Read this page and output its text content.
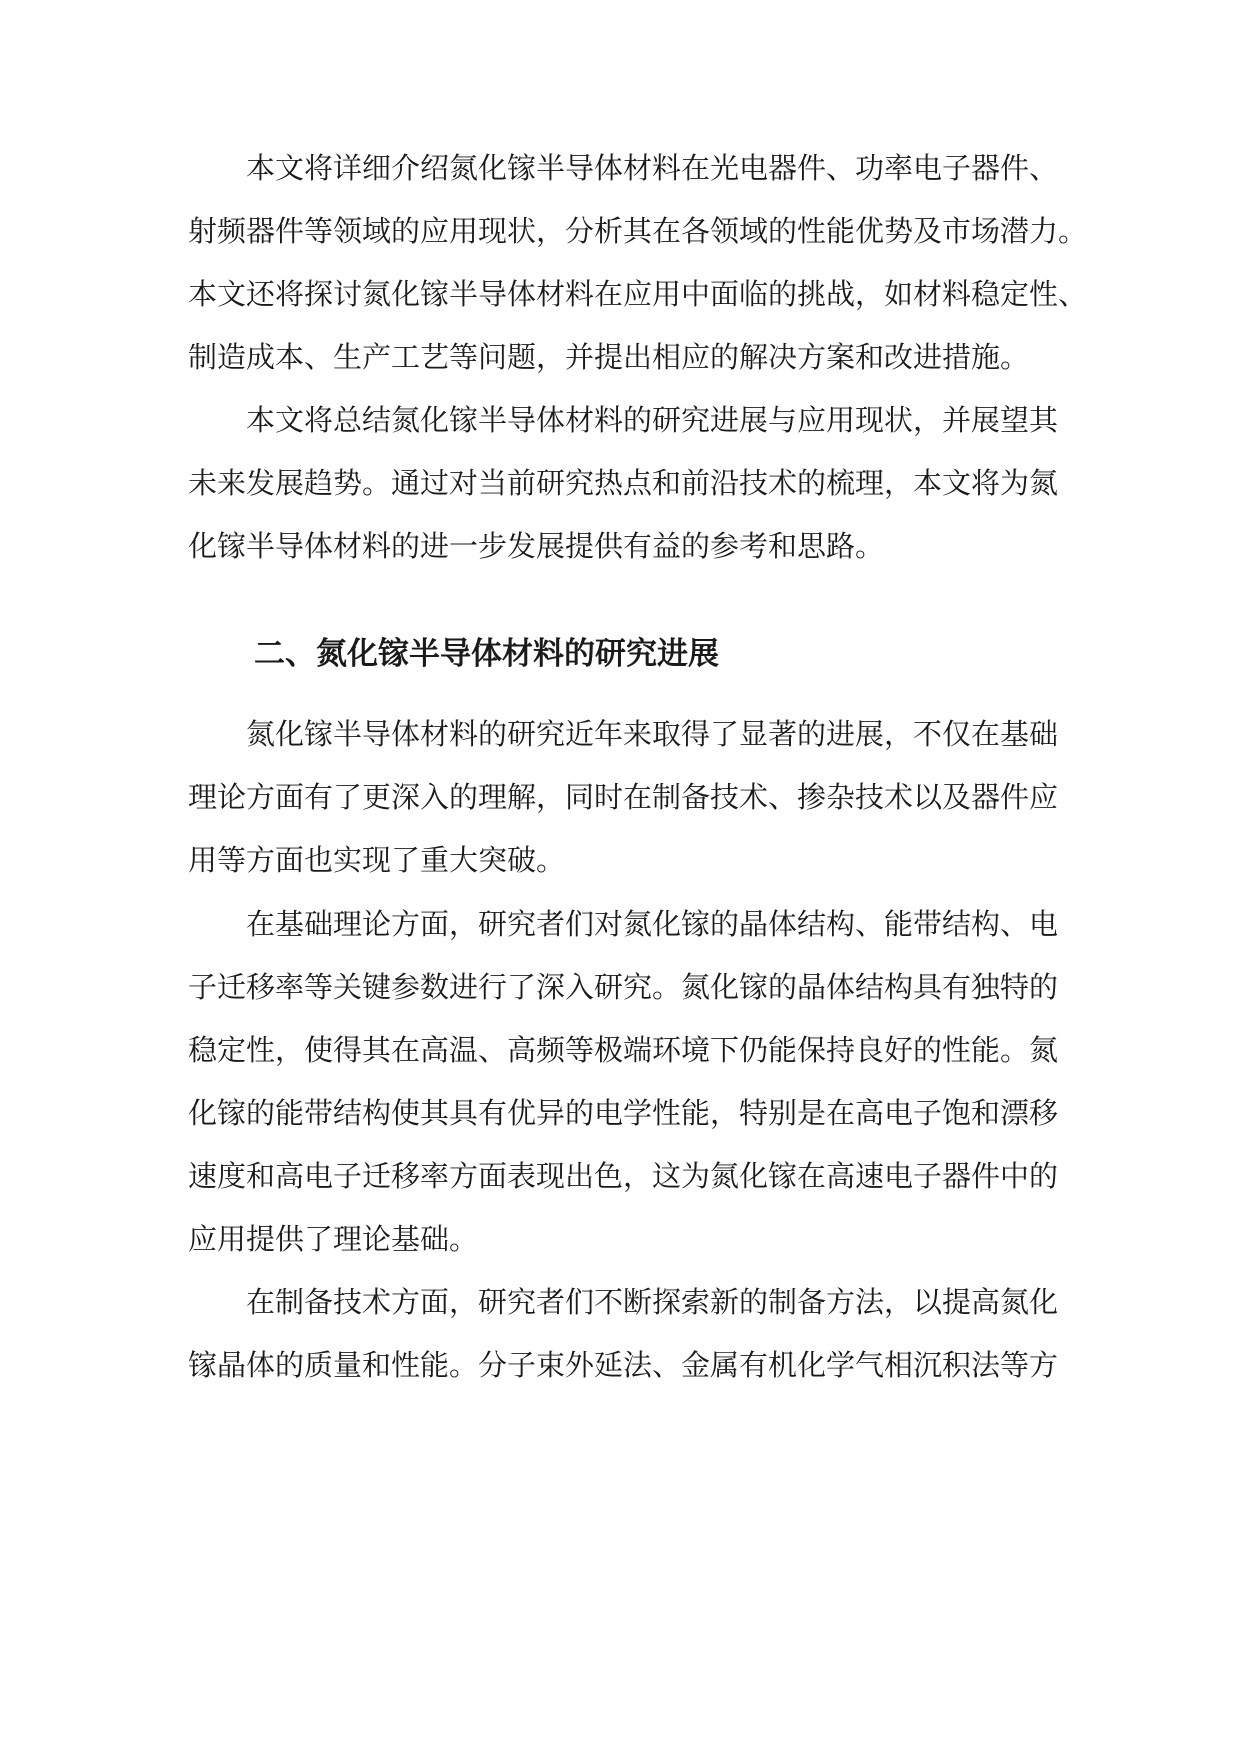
本文将详细介绍氮化镓半导体材料在光电器件、功率电子器件、
射频器件等领域的应用现状，分析其在各领域的性能优势及市场潜力。
本文还将探讨氮化镓半导体材料在应用中面临的挑战，如材料稳定性、
制造成本、生产工艺等问题，并提出相应的解决方案和改进措施。
本文将总结氮化镓半导体材料的研究进展与应用现状，并展望其
未来发展趋势。通过对当前研究热点和前沿技术的梳理，本文将为氮
化镓半导体材料的进一步发展提供有益的参考和思路。
二、氮化镓半导体材料的研究进展
氮化镓半导体材料的研究近年来取得了显著的进展，不仅在基础
理论方面有了更深入的理解，同时在制备技术、掺杂技术以及器件应
用等方面也实现了重大突破。
在基础理论方面，研究者们对氮化镓的晶体结构、能带结构、电
子迁移率等关键参数进行了深入研究。氮化镓的晶体结构具有独特的
稳定性，使得其在高温、高频等极端环境下仍能保持良好的性能。氮
化镓的能带结构使其具有优异的电学性能，特别是在高电子饱和漂移
速度和高电子迁移率方面表现出色，这为氮化镓在高速电子器件中的
应用提供了理论基础。
在制备技术方面，研究者们不断探索新的制备方法，以提高氮化
镓晶体的质量和性能。分子束外延法、金属有机化学气相沉积法等方
